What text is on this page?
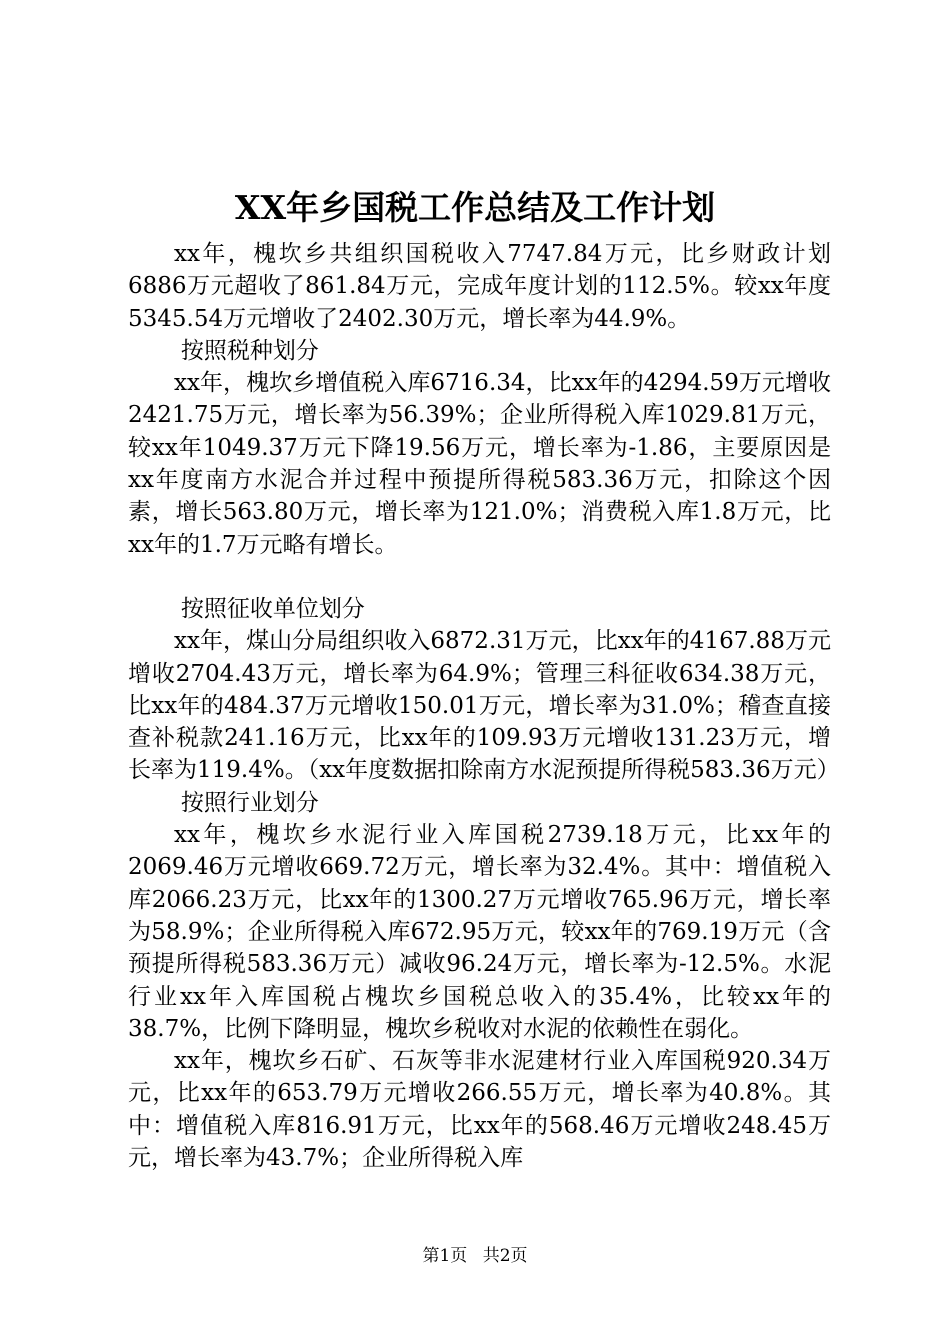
XX年乡国税工作总结及工作计划

xx年，槐坎乡共组织国税收入7747.84万元，比乡财政计划6886万元超收了861.84万元，完成年度计划的112.5%。较xx年度5345.54万元增收了2402.30万元，增长率为44.9%。

按照税种划分

xx年，槐坎乡增值税入库6716.34，比xx年的4294.59万元增收2421.75万元，增长率为56.39%；企业所得税入库1029.81万元，较xx年1049.37万元下降19.56万元，增长率为-1.86，主要原因是xx年度南方水泥合并过程中预提所得税583.36万元，扣除这个因素，增长563.80万元，增长率为121.0%；消费税入库1.8万元，比xx年的1.7万元略有增长。

按照征收单位划分

xx年，煤山分局组织收入6872.31万元，比xx年的4167.88万元增收2704.43万元，增长率为64.9%；管理三科征收634.38万元，比xx年的484.37万元增收150.01万元，增长率为31.0%；稽查直接查补税款241.16万元，比xx年的109.93万元增收131.23万元，增长率为119.4%。（xx年度数据扣除南方水泥预提所得税583.36万元）

按照行业划分

xx年，槐坎乡水泥行业入库国税2739.18万元，比xx年的2069.46万元增收669.72万元，增长率为32.4%。其中：增值税入库2066.23万元，比xx年的1300.27万元增收765.96万元，增长率为58.9%；企业所得税入库672.95万元，较xx年的769.19万元（含预提所得税583.36万元）减收96.24万元，增长率为-12.5%。水泥行业xx年入库国税占槐坎乡国税总收入的35.4%，比较xx年的38.7%，比例下降明显，槐坎乡税收对水泥的依赖性在弱化。

xx年，槐坎乡石矿、石灰等非水泥建材行业入库国税920.34万元，比xx年的653.79万元增收266.55万元，增长率为40.8%。其中：增值税入库816.91万元，比xx年的568.46万元增收248.45万元，增长率为43.7%；企业所得税入库

第1页 共2页
